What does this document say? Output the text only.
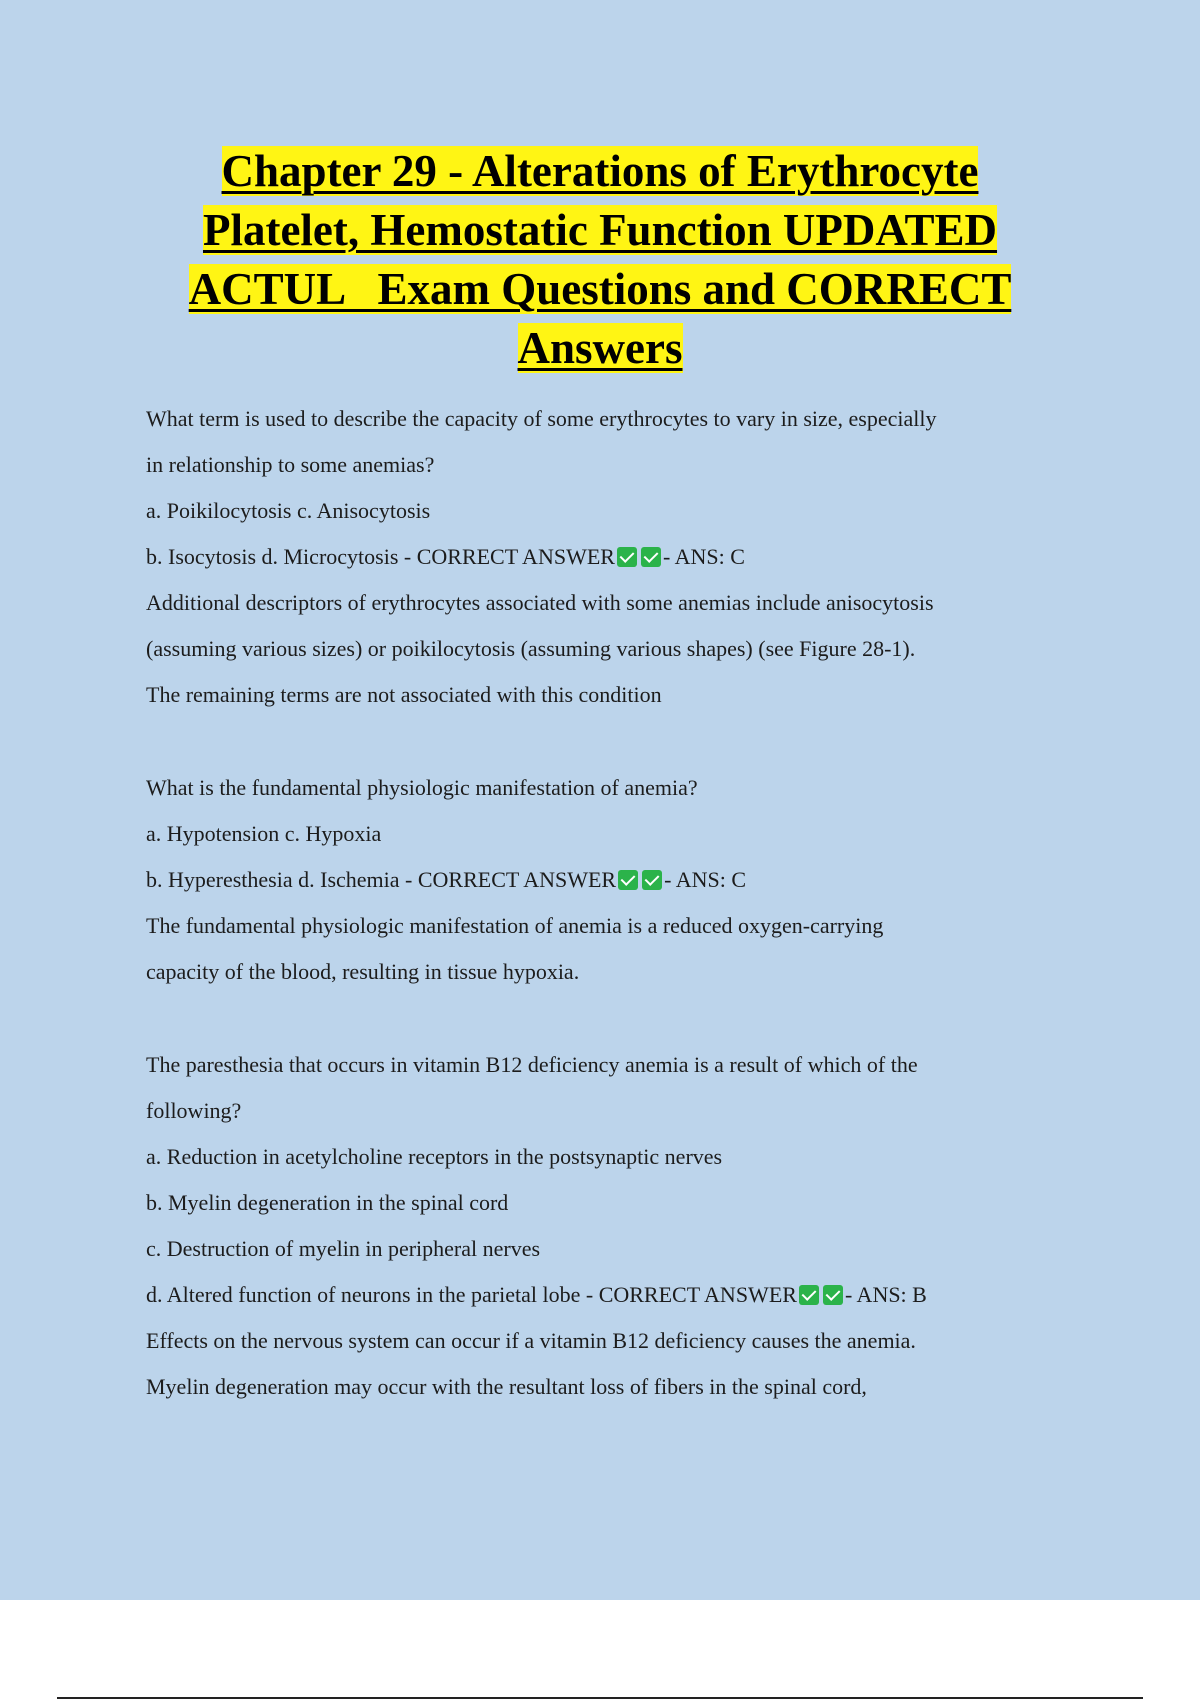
Chapter 29 - Alterations of Erythrocyte
Platelet, Hemostatic Function UPDATED
ACTUL   Exam Questions and CORRECT
Answers

What term is used to describe the capacity of some erythrocytes to vary in size, especially

in relationship to some anemias?

a. Poikilocytosis c. Anisocytosis

b. Isocytosis d. Microcytosis - CORRECT ANSWER - ANS: C

Additional descriptors of erythrocytes associated with some anemias include anisocytosis

(assuming various sizes) or poikilocytosis (assuming various shapes) (see Figure 28-1).

The remaining terms are not associated with this condition

What is the fundamental physiologic manifestation of anemia?

a. Hypotension c. Hypoxia

b. Hyperesthesia d. Ischemia - CORRECT ANSWER - ANS: C

The fundamental physiologic manifestation of anemia is a reduced oxygen-carrying

capacity of the blood, resulting in tissue hypoxia.

The paresthesia that occurs in vitamin B12 deficiency anemia is a result of which of the

following?

a. Reduction in acetylcholine receptors in the postsynaptic nerves

b. Myelin degeneration in the spinal cord

c. Destruction of myelin in peripheral nerves

d. Altered function of neurons in the parietal lobe - CORRECT ANSWER - ANS: B

Effects on the nervous system can occur if a vitamin B12 deficiency causes the anemia.

Myelin degeneration may occur with the resultant loss of fibers in the spinal cord,
